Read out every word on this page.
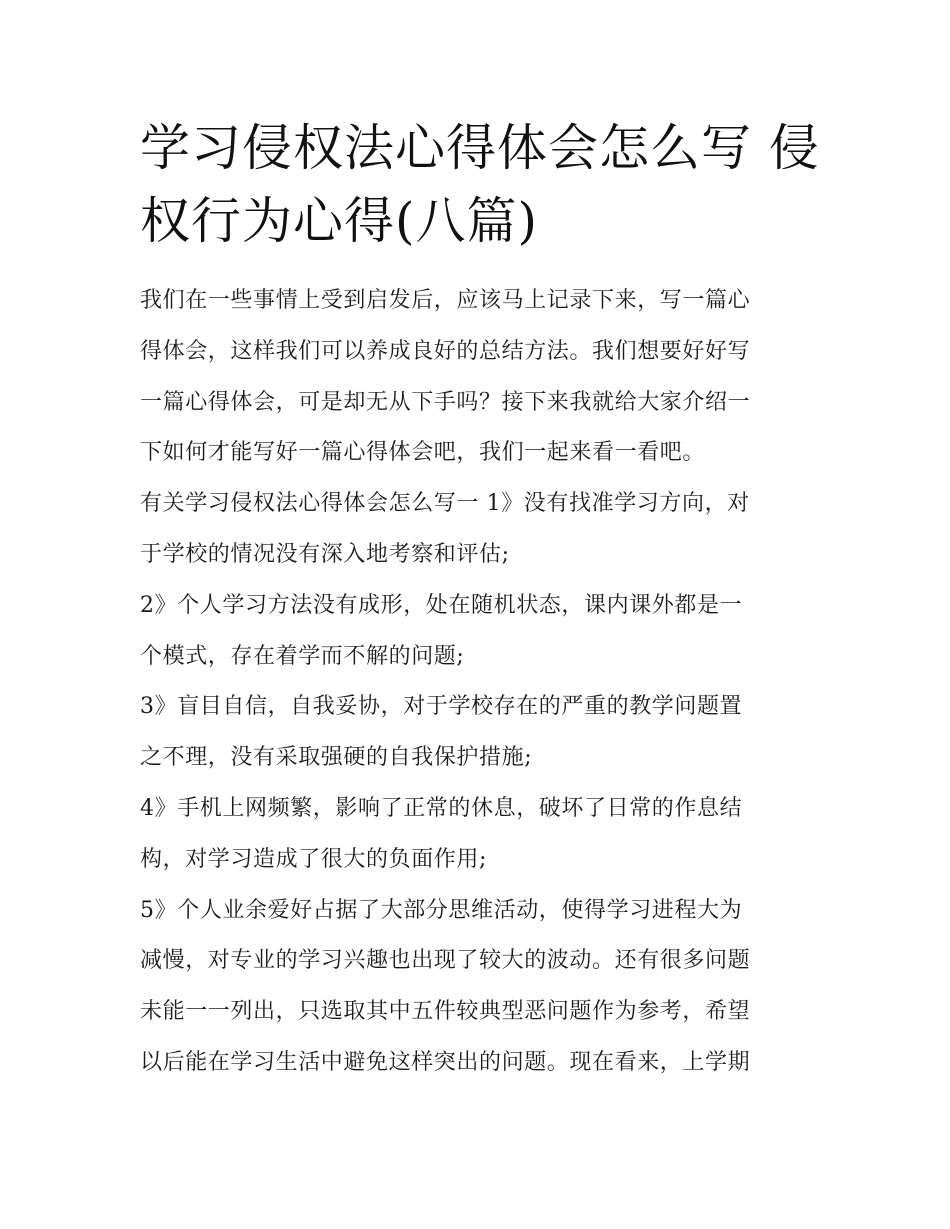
学习侵权法心得体会怎么写 侵
权行为心得(八篇)
我们在一些事情上受到启发后，应该马上记录下来，写一篇心
得体会，这样我们可以养成良好的总结方法。我们想要好好写
一篇心得体会，可是却无从下手吗？接下来我就给大家介绍一
下如何才能写好一篇心得体会吧，我们一起来看一看吧。
有关学习侵权法心得体会怎么写一 1》没有找准学习方向，对
于学校的情况没有深入地考察和评估;
2》个人学习方法没有成形，处在随机状态，课内课外都是一
个模式，存在着学而不解的问题;
3》盲目自信，自我妥协，对于学校存在的严重的教学问题置
之不理，没有采取强硬的自我保护措施;
4》手机上网频繁，影响了正常的休息，破坏了日常的作息结
构，对学习造成了很大的负面作用;
5》个人业余爱好占据了大部分思维活动，使得学习进程大为
减慢，对专业的学习兴趣也出现了较大的波动。还有很多问题
未能一一列出，只选取其中五件较典型恶问题作为参考，希望
以后能在学习生活中避免这样突出的问题。现在看来，上学期
